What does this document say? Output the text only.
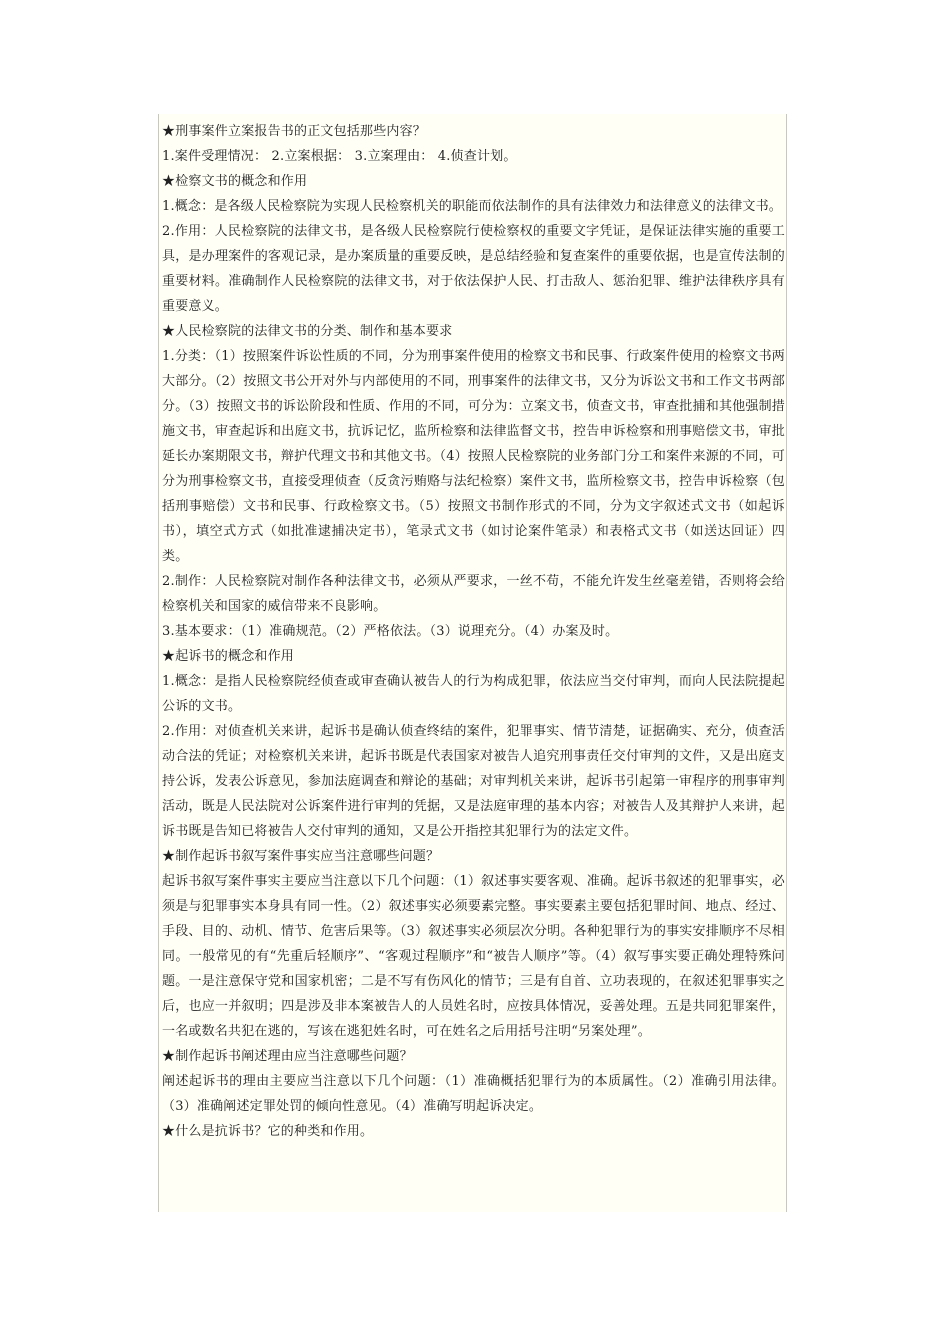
★刑事案件立案报告书的正文包括那些内容？

1.案件受理情况： 2.立案根据： 3.立案理由： 4.侦查计划。

★检察文书的概念和作用

1.概念：是各级人民检察院为实现人民检察机关的职能而依法制作的具有法律效力和法律意义的法律文书。

2.作用：人民检察院的法律文书，是各级人民检察院行使检察权的重要文字凭证，是保证法律实施的重要工具，是办理案件的客观记录，是办案质量的重要反映，是总结经验和复查案件的重要依据，也是宣传法制的重要材料。准确制作人民检察院的法律文书，对于依法保护人民、打击敌人、惩治犯罪、维护法律秩序具有重要意义。

★人民检察院的法律文书的分类、制作和基本要求

1.分类：（1）按照案件诉讼性质的不同，分为刑事案件使用的检察文书和民事、行政案件使用的检察文书两大部分。（2）按照文书公开对外与内部使用的不同，刑事案件的法律文书，又分为诉讼文书和工作文书两部分。（3）按照文书的诉讼阶段和性质、作用的不同，可分为：立案文书，侦查文书，审查批捕和其他强制措施文书，审查起诉和出庭文书，抗诉记忆，监所检察和法律监督文书，控告申诉检察和刑事赔偿文书，审批延长办案期限文书，辩护代理文书和其他文书。（4）按照人民检察院的业务部门分工和案件来源的不同，可分为刑事检察文书，直接受理侦查（反贪污贿赂与法纪检察）案件文书，监所检察文书，控告申诉检察（包括刑事赔偿）文书和民事、行政检察文书。（5）按照文书制作形式的不同，分为文字叙述式文书（如起诉书），填空式方式（如批准逮捕决定书），笔录式文书（如讨论案件笔录）和表格式文书（如送达回证）四类。

2.制作：人民检察院对制作各种法律文书，必须从严要求，一丝不苟，不能允许发生丝毫差错，否则将会给检察机关和国家的威信带来不良影响。

3.基本要求：（1）准确规范。（2）严格依法。（3）说理充分。（4）办案及时。

★起诉书的概念和作用

1.概念：是指人民检察院经侦查或审查确认被告人的行为构成犯罪，依法应当交付审判，而向人民法院提起公诉的文书。

2.作用：对侦查机关来讲，起诉书是确认侦查终结的案件，犯罪事实、情节清楚，证据确实、充分，侦查活动合法的凭证；对检察机关来讲，起诉书既是代表国家对被告人追究刑事责任交付审判的文件，又是出庭支持公诉，发表公诉意见，参加法庭调查和辩论的基础；对审判机关来讲，起诉书引起第一审程序的刑事审判活动，既是人民法院对公诉案件进行审判的凭据，又是法庭审理的基本内容；对被告人及其辩护人来讲，起诉书既是告知已将被告人交付审判的通知，又是公开指控其犯罪行为的法定文件。

★制作起诉书叙写案件事实应当注意哪些问题？

起诉书叙写案件事实主要应当注意以下几个问题：（1）叙述事实要客观、准确。起诉书叙述的犯罪事实，必须是与犯罪事实本身具有同一性。（2）叙述事实必须要素完整。事实要素主要包括犯罪时间、地点、经过、手段、目的、动机、情节、危害后果等。（3）叙述事实必须层次分明。各种犯罪行为的事实安排顺序不尽相同。一般常见的有“先重后轻顺序”、“客观过程顺序”和“被告人顺序”等。（4）叙写事实要正确处理特殊问题。一是注意保守党和国家机密；二是不写有伤风化的情节；三是有自首、立功表现的，在叙述犯罪事实之后，也应一并叙明；四是涉及非本案被告人的人员姓名时，应按具体情况，妥善处理。五是共同犯罪案件，一名或数名共犯在逃的，写该在逃犯姓名时，可在姓名之后用括号注明“另案处理”。

★制作起诉书阐述理由应当注意哪些问题？

阐述起诉书的理由主要应当注意以下几个问题：（1）准确概括犯罪行为的本质属性。（2）准确引用法律。（3）准确阐述定罪处罚的倾向性意见。（4）准确写明起诉决定。

★什么是抗诉书？它的种类和作用。
